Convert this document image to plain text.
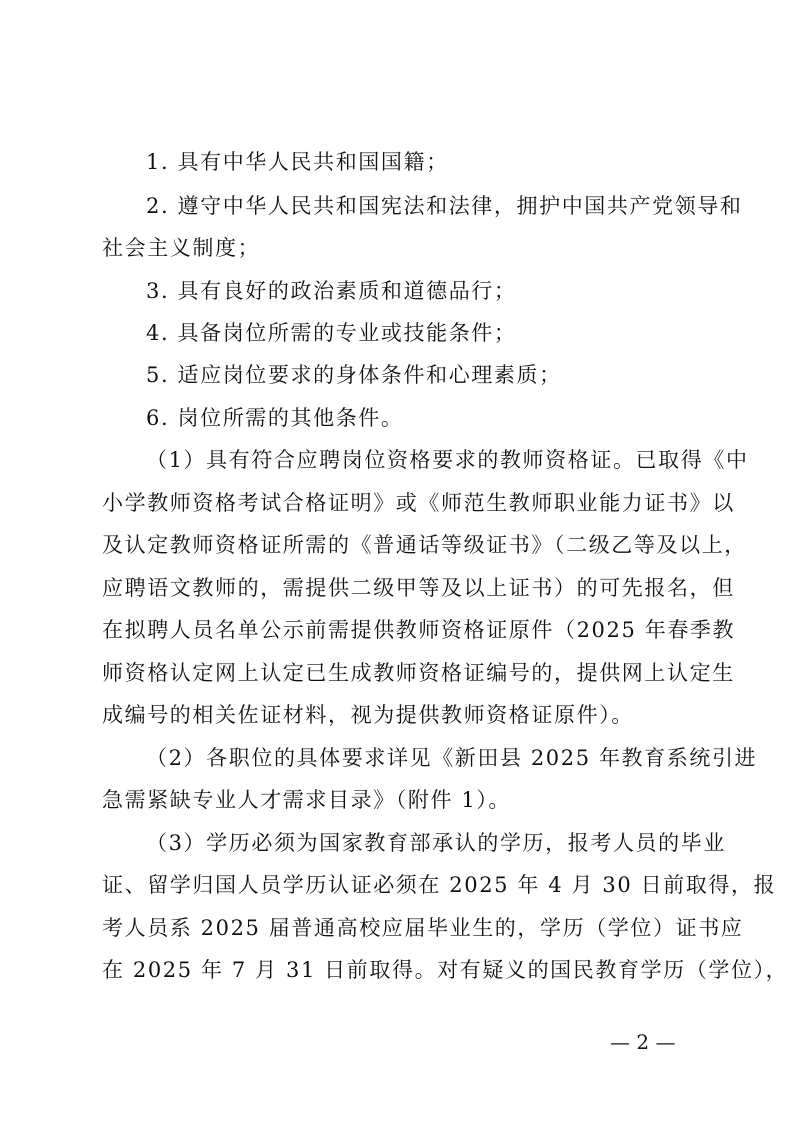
1. 具有中华人民共和国国籍；
2. 遵守中华人民共和国宪法和法律，拥护中国共产党领导和
社会主义制度；
3. 具有良好的政治素质和道德品行；
4. 具备岗位所需的专业或技能条件；
5. 适应岗位要求的身体条件和心理素质；
6. 岗位所需的其他条件。
（1）具有符合应聘岗位资格要求的教师资格证。已取得《中
小学教师资格考试合格证明》或《师范生教师职业能力证书》以
及认定教师资格证所需的《普通话等级证书》（二级乙等及以上，
应聘语文教师的，需提供二级甲等及以上证书）的可先报名，但
在拟聘人员名单公示前需提供教师资格证原件（2025 年春季教
师资格认定网上认定已生成教师资格证编号的，提供网上认定生
成编号的相关佐证材料，视为提供教师资格证原件）。
（2）各职位的具体要求详见《新田县 2025 年教育系统引进
急需紧缺专业人才需求目录》（附件 1）。
（3）学历必须为国家教育部承认的学历，报考人员的毕业
证、留学归国人员学历认证必须在 2025 年 4 月 30 日前取得，报
考人员系 2025 届普通高校应届毕业生的，学历（学位）证书应
在 2025 年 7 月 31 日前取得。对有疑义的国民教育学历（学位），
— 2 —
